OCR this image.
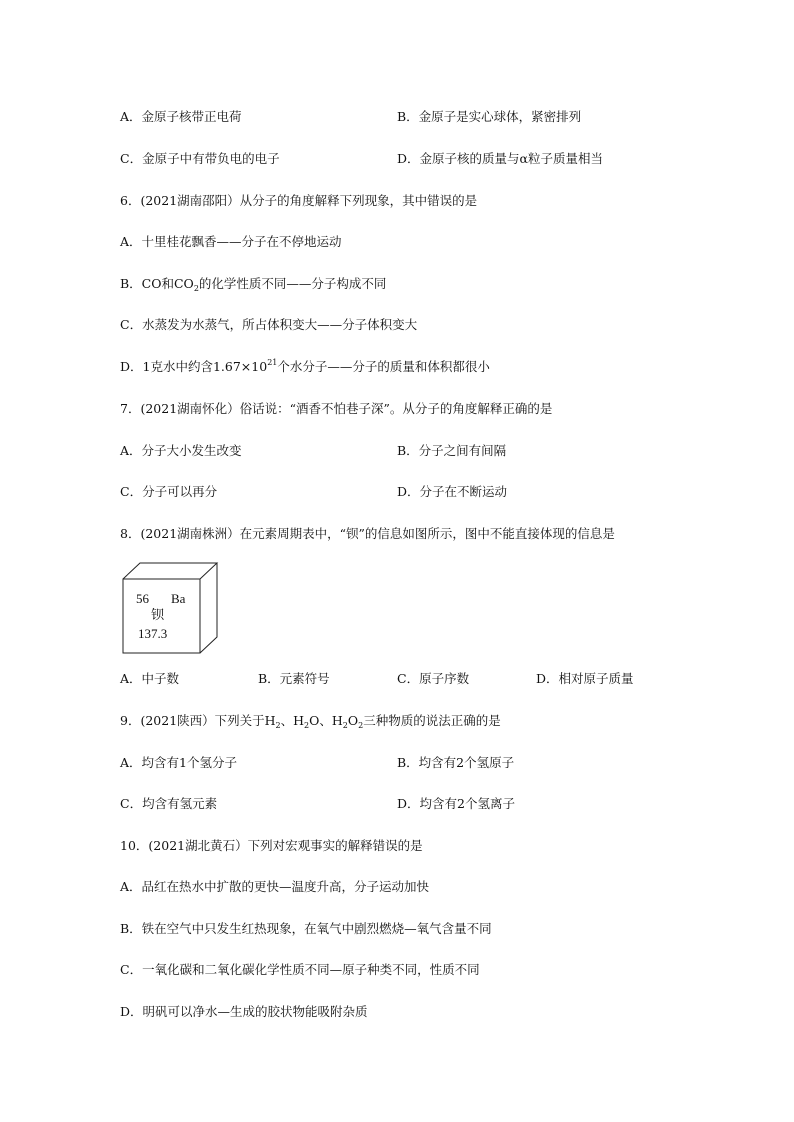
A．金原子核带正电荷	B．金原子是实心球体，紧密排列
C．金原子中有带负电的电子	D．金原子核的质量与α粒子质量相当
6．(2021湖南邵阳）从分子的角度解释下列现象，其中错误的是
A．十里桂花飘香——分子在不停地运动
B．CO和$CO_2$的化学性质不同——分子构成不同
C．水蒸发为水蒸气，所占体积变大——分子体积变大
D．1克水中约含$1.67\times 10^{21}$个水分子——分子的质量和体积都很小
7．(2021湖南怀化）俗话说：“酒香不怕巷子深”。从分子的角度解释正确的是
A．分子大小发生改变	B．分子之间有间隔
C．分子可以再分	D．分子在不断运动
8．(2021湖南株洲）在元素周期表中，“钡”的信息如图所示，图中不能直接体现的信息是
56 Ba
钡
137.3
A．中子数	B．元素符号	C．原子序数	D．相对原子质量
9．(2021陕西）下列关于$H_2$、$H_2O$、$H_2O_2$三种物质的说法正确的是
A．均含有1个氢分子	B．均含有2个氢原子
C．均含有氢元素	D．均含有2个氢离子
10．(2021湖北黄石）下列对宏观事实的解释错误的是
A．品红在热水中扩散的更快—温度升高，分子运动加快
B．铁在空气中只发生红热现象，在氧气中剧烈燃烧—氧气含量不同
C．一氧化碳和二氧化碳化学性质不同—原子种类不同，性质不同
D．明矾可以净水—生成的胶状物能吸附杂质
